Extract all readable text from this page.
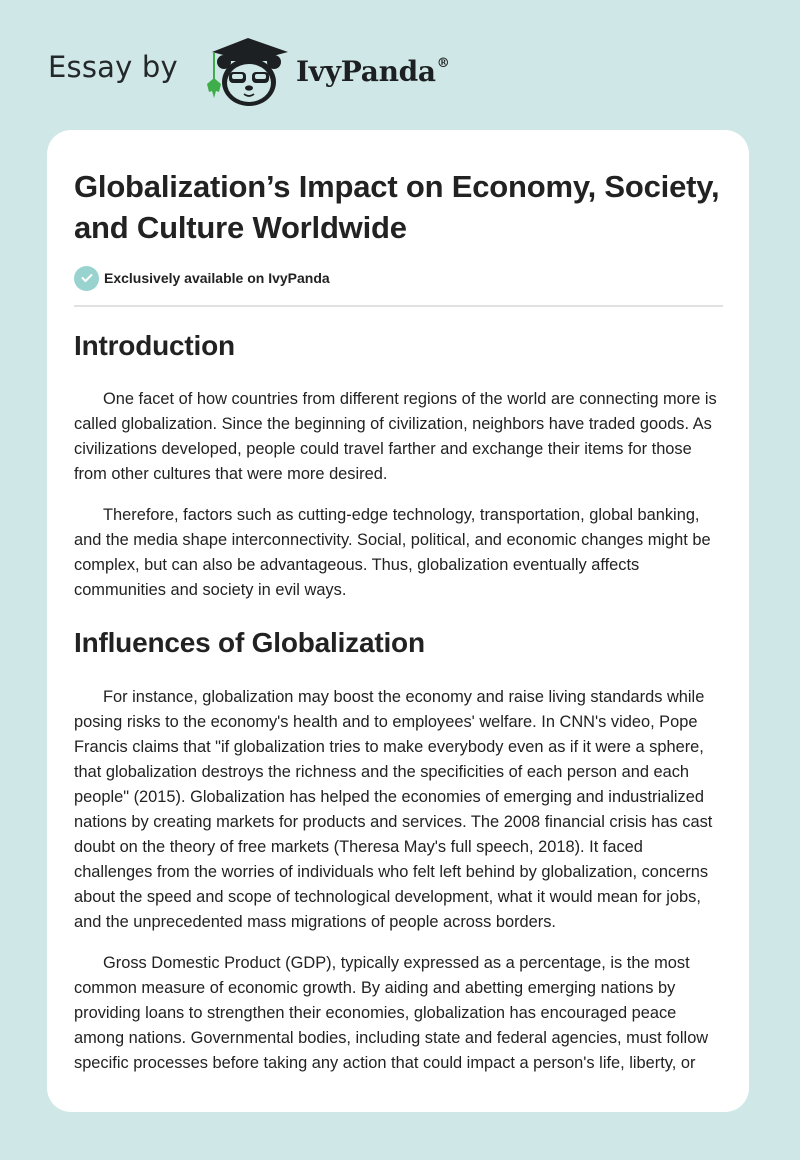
Essay by	IvyPanda®
Globalization’s Impact on Economy, Society, and Culture Worldwide
Exclusively available on IvyPanda
Introduction

One facet of how countries from different regions of the world are connecting more is called globalization. Since the beginning of civilization, neighbors have traded goods. As civilizations developed, people could travel farther and exchange their items for those from other cultures that were more desired.

Therefore, factors such as cutting-edge technology, transportation, global banking, and the media shape interconnectivity. Social, political, and economic changes might be complex, but can also be advantageous. Thus, globalization eventually affects communities and society in evil ways.

Influences of Globalization

For instance, globalization may boost the economy and raise living standards while posing risks to the economy's health and to employees' welfare. In CNN's video, Pope Francis claims that "if globalization tries to make everybody even as if it were a sphere, that globalization destroys the richness and the specificities of each person and each people" (2015). Globalization has helped the economies of emerging and industrialized nations by creating markets for products and services. The 2008 financial crisis has cast doubt on the theory of free markets (Theresa May's full speech, 2018). It faced challenges from the worries of individuals who felt left behind by globalization, concerns about the speed and scope of technological development, what it would mean for jobs, and the unprecedented mass migrations of people across borders.

Gross Domestic Product (GDP), typically expressed as a percentage, is the most common measure of economic growth. By aiding and abetting emerging nations by providing loans to strengthen their economies, globalization has encouraged peace among nations. Governmental bodies, including state and federal agencies, must follow specific processes before taking any action that could impact a person's life, liberty, or
